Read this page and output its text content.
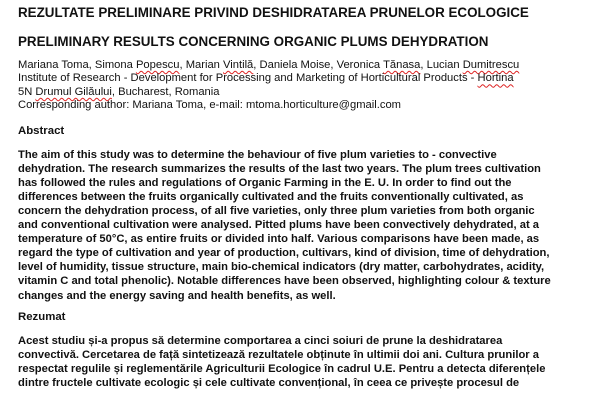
REZULTATE PRELIMINARE PRIVIND DESHIDRATAREA PRUNELOR ECOLOGICE
PRELIMINARY RESULTS CONCERNING ORGANIC PLUMS DEHYDRATION
Mariana Toma, Simona Popescu, Marian Vintilă, Daniela Moise, Veronica Tănasa, Lucian Dumitrescu
Institute of Research - Development for Processing and Marketing of Horticultural Products - Hortina
5N Drumul Gilăului, Bucharest, Romania
Corresponding author: Mariana Toma, e-mail: mtoma.horticulture@gmail.com
Abstract
The aim of this study was to determine the behaviour of five plum varieties to - convective
dehydration. The research summarizes the results of the last two years. The plum trees cultivation
has followed the rules and regulations of Organic Farming in the E. U. In order to find out the
differences between the fruits organically cultivated and the fruits conventionally cultivated, as
concern the dehydration process, of all five varieties, only three plum varieties from both organic
and conventional cultivation were analysed. Pitted plums have been convectively dehydrated, at a
temperature of 50°C, as entire fruits or divided into half. Various comparisons have been made, as
regard the type of cultivation and year of production, cultivars, kind of division, time of dehydration,
level of humidity, tissue structure, main bio-chemical indicators (dry matter, carbohydrates, acidity,
vitamin C and total phenolic). Notable differences have been observed, highlighting colour & texture
changes and the energy saving and health benefits, as well.
Rezumat
Acest studiu și-a propus să determine comportarea a cinci soiuri de prune la deshidratarea
convectivă. Cercetarea de față sintetizează rezultatele obținute în ultimii doi ani. Cultura prunilor a
respectat regulile și reglementările Agriculturii Ecologice în cadrul U.E. Pentru a detecta diferențele
dintre fructele cultivate ecologic și cele cultivate convențional, în ceea ce privește procesul de
